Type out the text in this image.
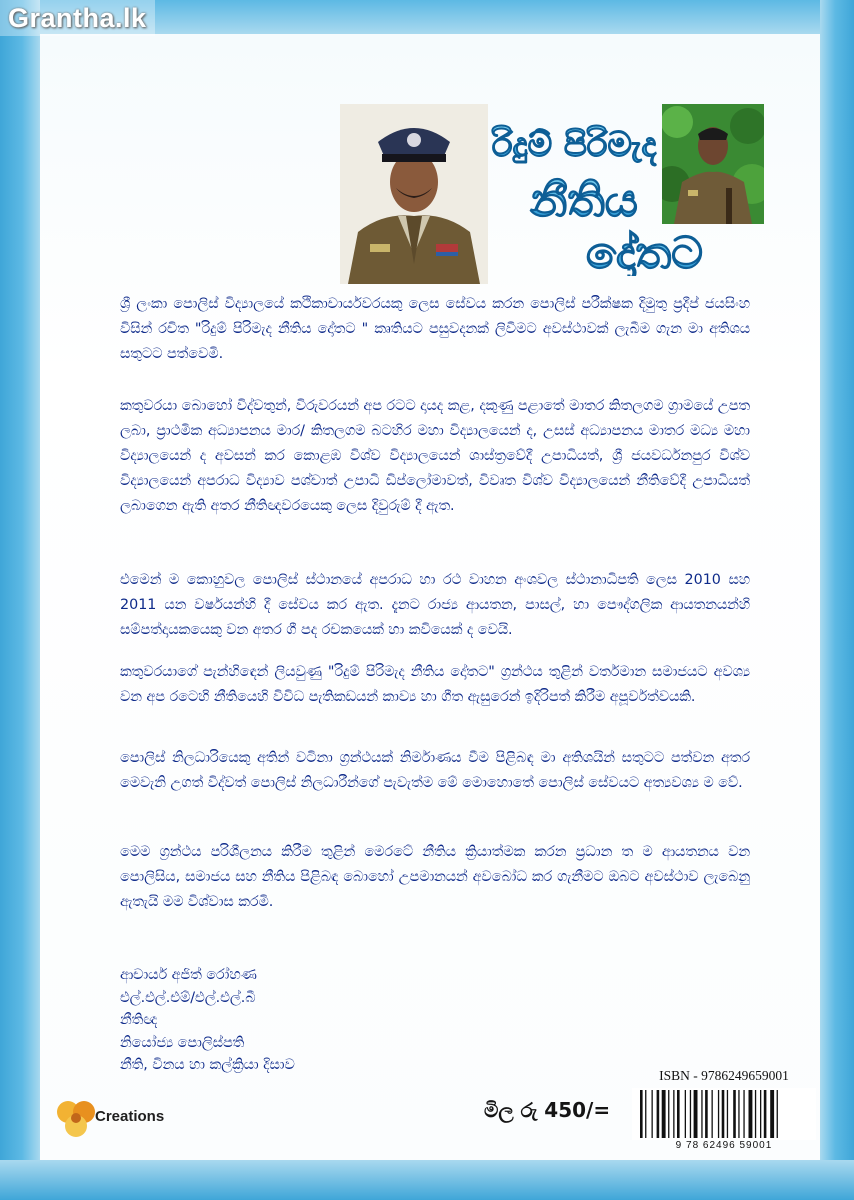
Grantha.lk
රිදුම් පිරිමැද
නීතිය
දෝතට
ශ්‍රී ලංකා පොලිස් විද්‍යාලයේ කථිකාචාර්යවරයකු ලෙස සේවය කරන පොලිස් පරීක්ෂක දිමුතු ප්‍රදීප් ජයසිංහ විසින් රචිත "රිදුම් පිරිමැද නීතිය දෝතට " කෘතියට පසුවදනක් ලිවීමට අවස්ථාවක් ලැබීම ගැන මා අතිශය සතුටට පත්වෙමි.
කතුවරයා බොහෝ විද්වතුන්, විරුවරයන් අප රටට දායද කළ, දකුණු පළාතේ මාතර කිතලගම ග්‍රාමයේ උපත ලබා, ප්‍රාථමික අධ්‍යාපනය මාර/ කිතලගම බටහිර මහා විද්‍යාලයෙන් ද, උසස් අධ්‍යාපනය මාතර මධ්‍ය මහා විද්‍යාලයෙන් ද අවසන් කර කොළඹ විශ්ව විද්‍යාලයෙන් ශාස්ත්‍රවේදී උපාධියත්, ශ්‍රී ජයවර්ධනපුර විශ්ව විද්‍යාලයෙන් අපරාධ විද්‍යාව පශ්චාත් උපාධි ඩිප්ලෝමාවත්, විවෘත විශ්ව විද්‍යාලයෙන් නීතිවේදී උපාධියත් ලබාගෙන ඇති අතර නීතිඥවරයෙකු ලෙස දිවුරුම් දී ඇත.
එමෙන් ම කොහුවල පොලිස් ස්ථානයේ අපරාධ හා රථ වාහන අංශවල ස්ථානාධිපති ලෙස 2010 සහ 2011 යන වර්ෂයන්හි දී සේවය කර ඇත. දැනට රාජ්‍ය ආයතන, පාසල්, හා පෞද්ගලික ආයතනයන්හි සම්පත්දායකයෙකු වන අතර ගී පද රචකයෙක් හා කවියෙක් ද වෙයි.
කතුවරයාගේ පැන්හිඳෙන් ලියවුණු "රිදුම් පිරිමැද නීතිය දෝතට" ග්‍රන්ථය තුළින් වර්තමාන සමාජයට අවශ්‍ය වන අප රටෙහි නීතියෙහි විවිධ පැතිකඩයන් කාව්‍ය හා ගීත ඇසුරෙන් ඉදිරිපත් කිරීම අපූර්වත්වයකි.
පොලිස් නිලධාරියෙකු අතින් වටිනා ග්‍රන්ථයක් නිර්මාණය වීම පිළිබඳ මා අතිශයින් සතුටට පත්වන අතර මෙවැනි උගත් විද්වත් පොලිස් නිලධාරීන්ගේ පැවැත්ම මේ මොහොතේ පොලිස් සේවයට අත්‍යවශ්‍ය ම වේ.
මෙම ග්‍රන්ථය පරිශීලනය කිරීම තුළින් මෙරටේ නීතිය ක්‍රියාත්මක කරන ප්‍රධාන ත ම ආයතනය වන පොලිසිය, සමාජය සහ නීතිය පිළිබඳ බොහෝ උපමානයන් අවබෝධ කර ගැනීමට ඔබට අවස්ථාව ලැබෙනු ඇතැයි මම විශ්වාස කරමි.
ආචාර්ය අජිත් රෝහණ
එල්.එල්.එම්/එල්.එල්.බී
නීතිඥ
නියෝජ්‍ය පොලිස්පති
නීති, විනය හා කල්ක්‍රියා දිසාව
Creations	මිල රු 450/=
ISBN - 9786249659001
9 78 62496 59001
